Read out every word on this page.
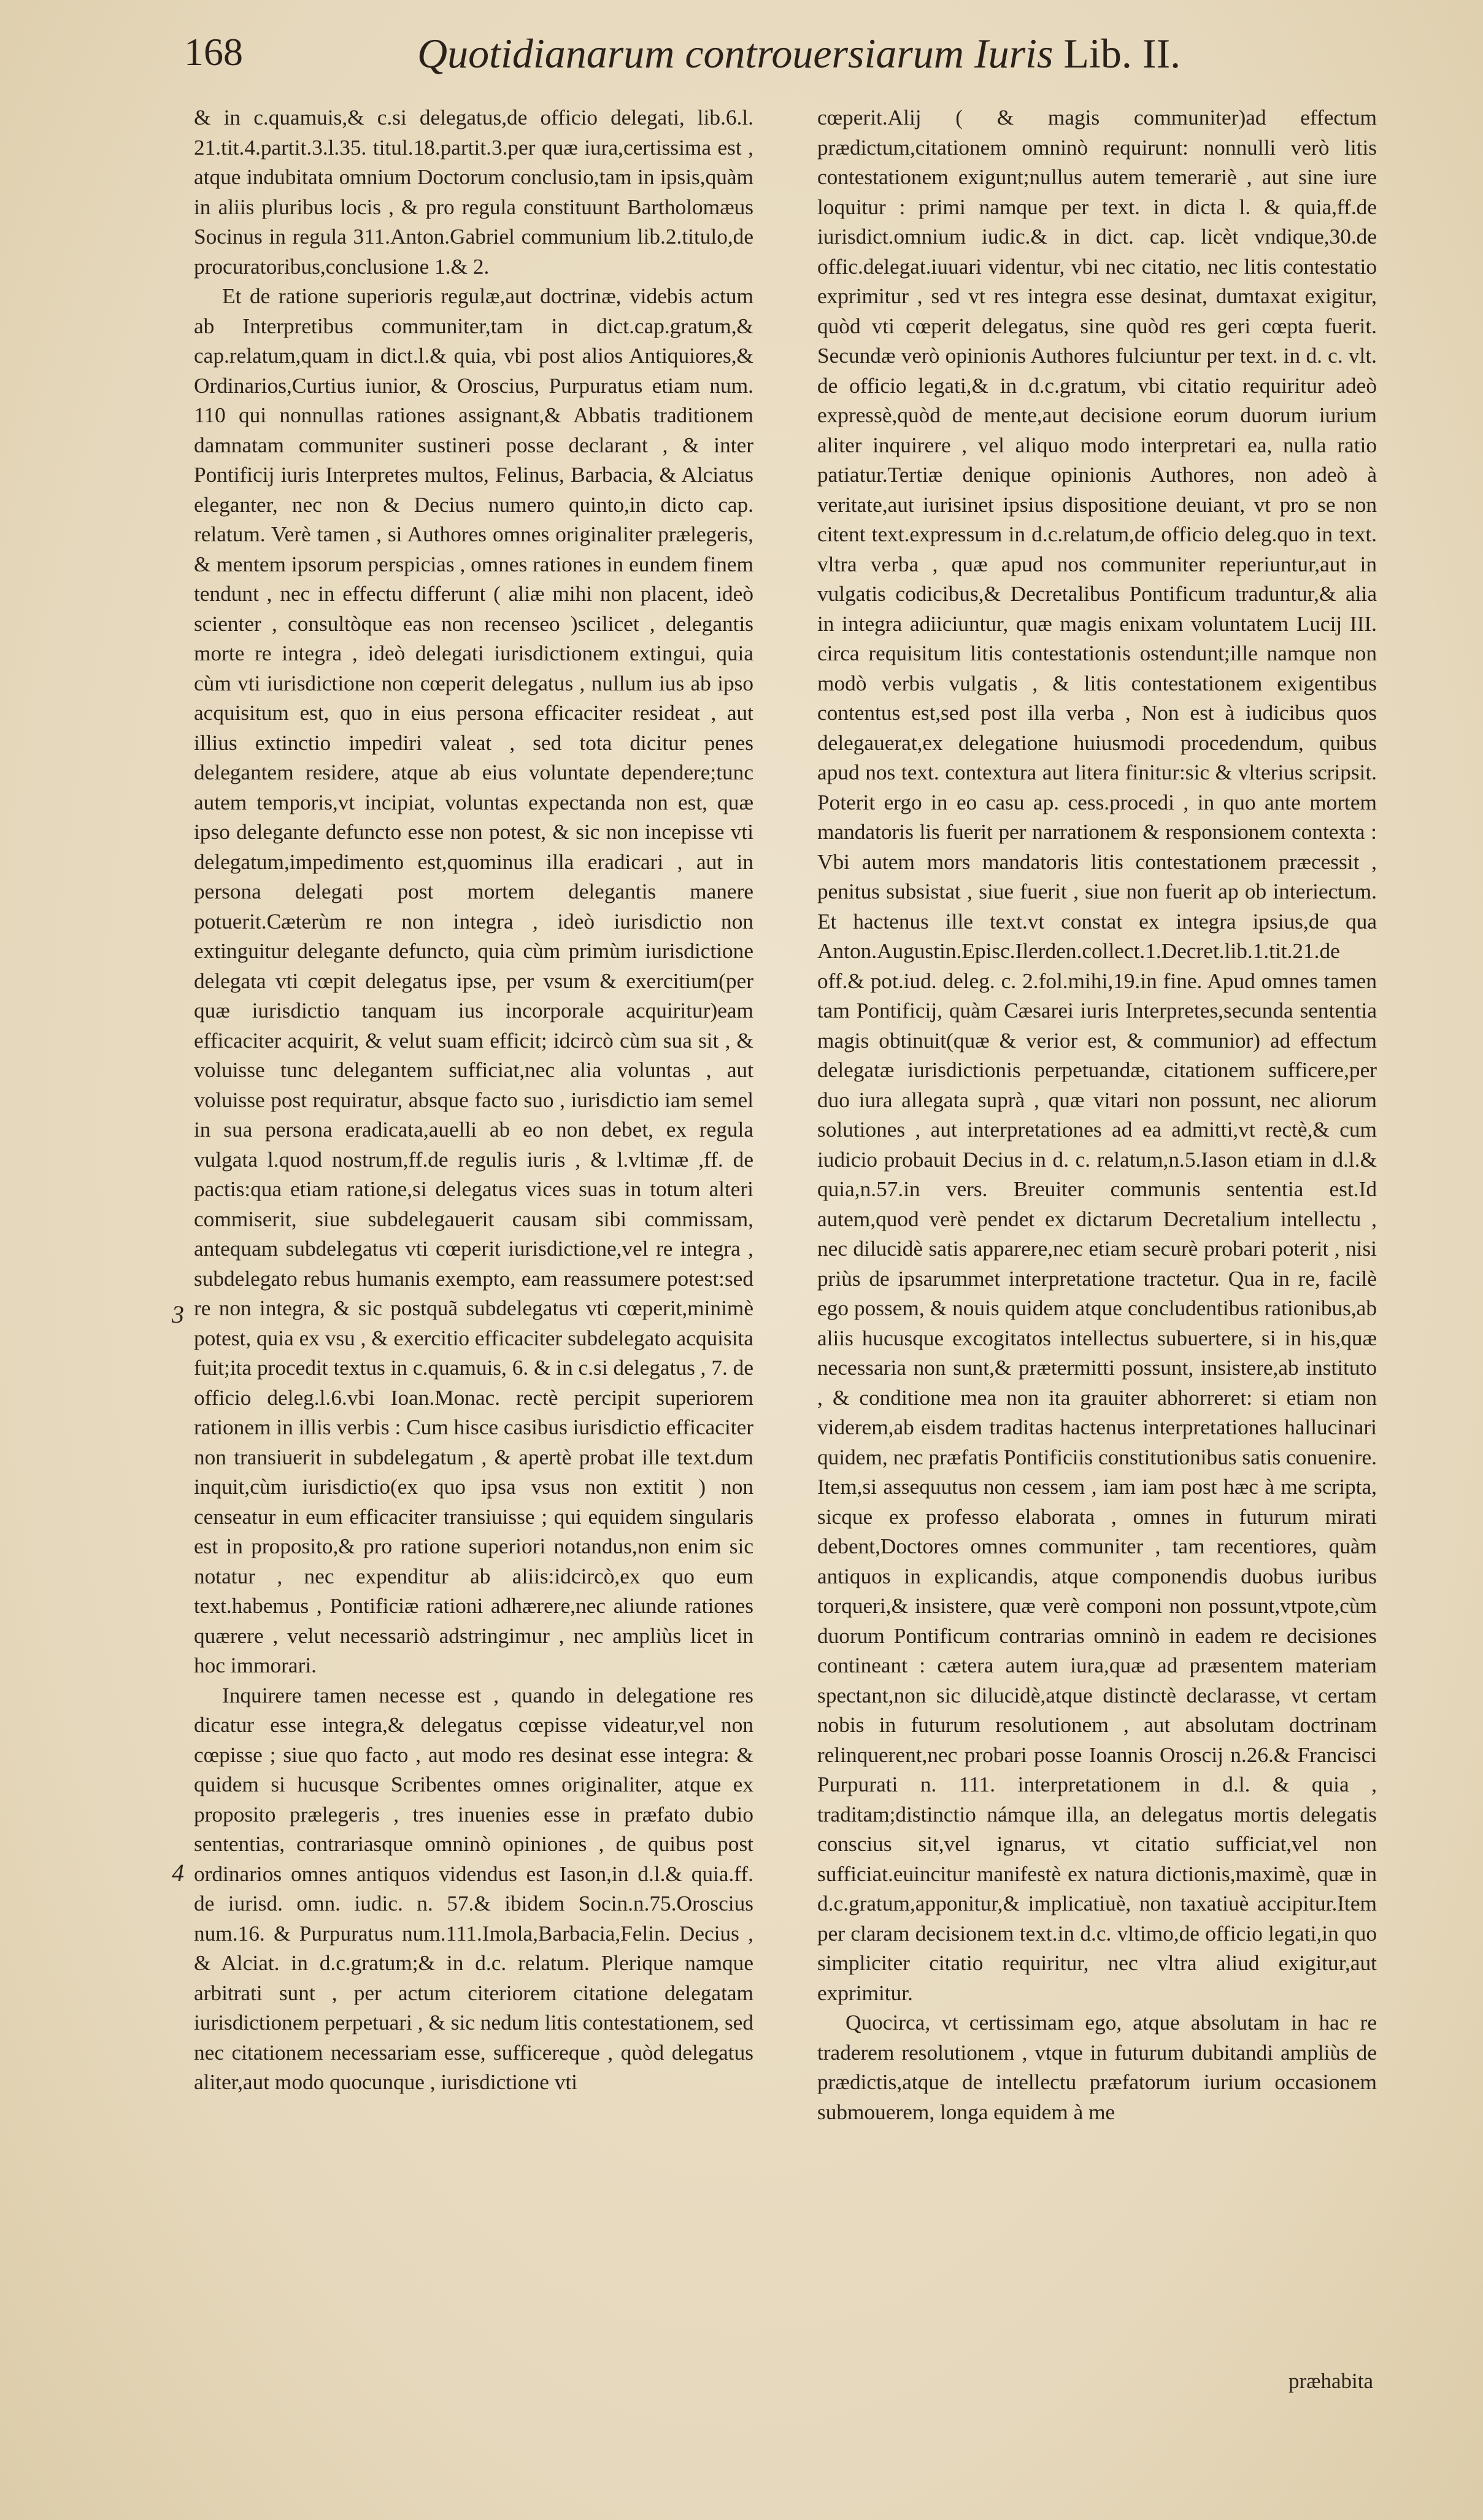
168	Quotidianarum controuersiarum Iuris Lib. II.

& in c.quamuis,& c.si delegatus,de officio delegati, lib.6.l. 21.tit.4.partit.3.l.35. titul.18.partit.3.per quæ iura,certissima est , atque indubitata omnium Doctorum conclusio,tam in ipsis,quàm in aliis pluribus locis , & pro regula constituunt Bartholomæus Socinus in regula 311.Anton.Gabriel communium lib.2.titulo,de procuratoribus,conclusione 1.& 2.

Et de ratione superioris regulæ,aut doctrinæ, videbis actum ab Interpretibus communiter,tam in dict.cap.gratum,& cap.relatum,quam in dict.l.& quia, vbi post alios Antiquiores,& Ordinarios,Curtius iunior, & Oroscius, Purpuratus etiam num. 110 qui nonnullas rationes assignant,& Abbatis traditionem damnatam communiter sustineri posse declarant , & inter Pontificij iuris Interpretes multos, Felinus, Barbacia, & Alciatus eleganter, nec non & Decius numero quinto,in dicto cap. relatum. Verè tamen , si Authores omnes originaliter prælegeris, & mentem ipsorum perspicias , omnes rationes in eundem finem tendunt , nec in effectu differunt ( aliæ mihi non placent, ideò scienter , consultòque eas non recenseo )scilicet , delegantis morte re integra , ideò delegati iurisdictionem extingui, quia cùm vti iurisdictione non cœperit delegatus , nullum ius ab ipso acquisitum est, quo in eius persona efficaciter resideat , aut illius extinctio impediri valeat , sed tota dicitur penes delegantem residere, atque ab eius voluntate dependere;tunc autem temporis,vt incipiat, voluntas expectanda non est, quæ ipso delegante defuncto esse non potest, & sic non incepisse vti delegatum,impedimento est,quominus illa eradicari , aut in persona delegati post mortem delegantis manere potuerit.Cæterùm re non integra , ideò iurisdictio non extinguitur delegante defuncto, quia cùm primùm iurisdictione delegata vti cœpit delegatus ipse, per vsum & exercitium(per quæ iurisdictio tanquam ius incorporale acquiritur)eam efficaciter acquirit, & velut suam efficit; idcircò cùm sua sit , & voluisse tunc delegantem sufficiat,nec alia voluntas , aut voluisse post requiratur, absque facto suo , iurisdictio iam semel in sua persona eradicata,auelli ab eo non debet, ex regula vulgata l.quod nostrum,ff.de regulis iuris , & l.vltimæ ,ff. de pactis:qua etiam ratione,si delegatus vices suas in totum alteri commiserit, siue subdelegauerit causam sibi commissam, antequam subdelegatus vti cœperit iurisdictione,vel re integra , subdelegato rebus humanis exempto, eam reassumere potest:sed re non integra, & sic postquã subdelegatus vti cœperit,minimè potest, quia ex vsu , & exercitio efficaciter subdelegato acquisita fuit;ita procedit textus in c.quamuis, 6. & in c.si delegatus , 7. de officio deleg.l.6.vbi Ioan.Monac. rectè percipit superiorem rationem in illis verbis : Cum hisce casibus iurisdictio efficaciter non transiuerit in subdelegatum , & apertè probat ille text.dum inquit,cùm iurisdictio(ex quo ipsa vsus non extitit ) non censeatur in eum efficaciter transiuisse ; qui equidem singularis est in proposito,& pro ratione superiori notandus,non enim sic notatur , nec expenditur ab aliis:idcircò,ex quo eum text.habemus , Pontificiæ rationi adhærere,nec aliunde rationes quærere , velut necessariò adstringimur , nec ampliùs licet in hoc immorari.

Inquirere tamen necesse est , quando in delegatione res dicatur esse integra,& delegatus cœpisse videatur,vel non cœpisse ; siue quo facto , aut modo res desinat esse integra: & quidem si hucusque Scribentes omnes originaliter, atque ex proposito prælegeris , tres inuenies esse in præfato dubio sententias, contrariasque omninò opiniones , de quibus post ordinarios omnes antiquos videndus est Iason,in d.l.& quia.ff. de iurisd. omn. iudic. n. 57.& ibidem Socin.n.75.Oroscius num.16. & Purpuratus num.111.Imola,Barbacia,Felin. Decius , & Alciat. in d.c.gratum;& in d.c. relatum. Plerique namque arbitrati sunt , per actum citeriorem citatione delegatam iurisdictionem perpetuari , & sic nedum litis contestationem, sed nec citationem necessariam esse, sufficereque , quòd delegatus aliter,aut modo quocunque , iurisdictione vti

cœperit.Alij ( & magis communiter)ad effectum prædictum,citationem omninò requirunt: nonnulli verò litis contestationem exigunt;nullus autem temerariè , aut sine iure loquitur : primi namque per text. in dicta l. & quia,ff.de iurisdict.omnium iudic.& in dict. cap. licèt vndique,30.de offic.delegat.iuuari videntur, vbi nec citatio, nec litis contestatio exprimitur , sed vt res integra esse desinat, dumtaxat exigitur, quòd vti cœperit delegatus, sine quòd res geri cœpta fuerit. Secundæ verò opinionis Authores fulciuntur per text. in d. c. vlt. de officio legati,& in d.c.gratum, vbi citatio requiritur adeò expressè,quòd de mente,aut decisione eorum duorum iurium aliter inquirere , vel aliquo modo interpretari ea, nulla ratio patiatur.Tertiæ denique opinionis Authores, non adeò à veritate,aut iurisinet ipsius dispositione deuiant, vt pro se non citent text.expressum in d.c.relatum,de officio deleg.quo in text. vltra verba , quæ apud nos communiter reperiuntur,aut in vulgatis codicibus,& Decretalibus Pontificum traduntur,& alia in integra adiiciuntur, quæ magis enixam voluntatem Lucij III. circa requisitum litis contestationis ostendunt;ille namque non modò verbis vulgatis , & litis contestationem exigentibus contentus est,sed post illa verba , Non est à iudicibus quos delegauerat,ex delegatione huiusmodi procedendum, quibus apud nos text. contextura aut litera finitur:sic & vlterius scripsit. Poterit ergo in eo casu ap. cess.procedi , in quo ante mortem mandatoris lis fuerit per narrationem & responsionem contexta : Vbi autem mors mandatoris litis contestationem præcessit , penitus subsistat , siue fuerit , siue non fuerit ap ob interiectum. Et hactenus ille text.vt constat ex integra ipsius,de qua Anton.Augustin.Episc.Ilerden.collect.1.Decret.lib.1.tit.21.de off.& pot.iud. deleg. c. 2.fol.mihi,19.in fine. Apud omnes tamen tam Pontificij, quàm Cæsarei iuris Interpretes,secunda sententia magis obtinuit(quæ & verior est, & communior) ad effectum delegatæ iurisdictionis perpetuandæ, citationem sufficere,per duo iura allegata suprà , quæ vitari non possunt, nec aliorum solutiones , aut interpretationes ad ea admitti,vt rectè,& cum iudicio probauit Decius in d. c. relatum,n.5.Iason etiam in d.l.& quia,n.57.in vers. Breuiter communis sententia est.Id autem,quod verè pendet ex dictarum Decretalium intellectu , nec dilucidè satis apparere,nec etiam securè probari poterit , nisi priùs de ipsarummet interpretatione tractetur. Qua in re, facilè ego possem, & nouis quidem atque concludentibus rationibus,ab aliis hucusque excogitatos intellectus subuertere, si in his,quæ necessaria non sunt,& prætermitti possunt, insistere,ab instituto , & conditione mea non ita grauiter abhorreret: si etiam non viderem,ab eisdem traditas hactenus interpretationes hallucinari quidem, nec præfatis Pontificiis constitutionibus satis conuenire. Item,si assequutus non cessem , iam iam post hæc à me scripta, sicque ex professo elaborata , omnes in futurum mirati debent,Doctores omnes communiter , tam recentiores, quàm antiquos in explicandis, atque componendis duobus iuribus torqueri,& insistere, quæ verè componi non possunt,vtpote,cùm duorum Pontificum contrarias omninò in eadem re decisiones contineant : cætera autem iura,quæ ad præsentem materiam spectant,non sic dilucidè,atque distinctè declarasse, vt certam nobis in futurum resolutionem , aut absolutam doctrinam relinquerent,nec probari posse Ioannis Oroscij n.26.& Francisci Purpurati n. 111. interpretationem in d.l. & quia , traditam;distinctio námque illa, an delegatus mortis delegatis conscius sit,vel ignarus, vt citatio sufficiat,vel non sufficiat.euincitur manifestè ex natura dictionis,maximè, quæ in d.c.gratum,apponitur,& implicatiuè, non taxatiuè accipitur.Item per claram decisionem text.in d.c. vltimo,de officio legati,in quo simpliciter citatio requiritur, nec vltra aliud exigitur,aut exprimitur.

Quocirca, vt certissimam ego, atque absolutam in hac re traderem resolutionem , vtque in futurum dubitandi ampliùs de prædictis,atque de intellectu præfatorum iurium occasionem submouerem, longa equidem à me

3
4
præhabita
